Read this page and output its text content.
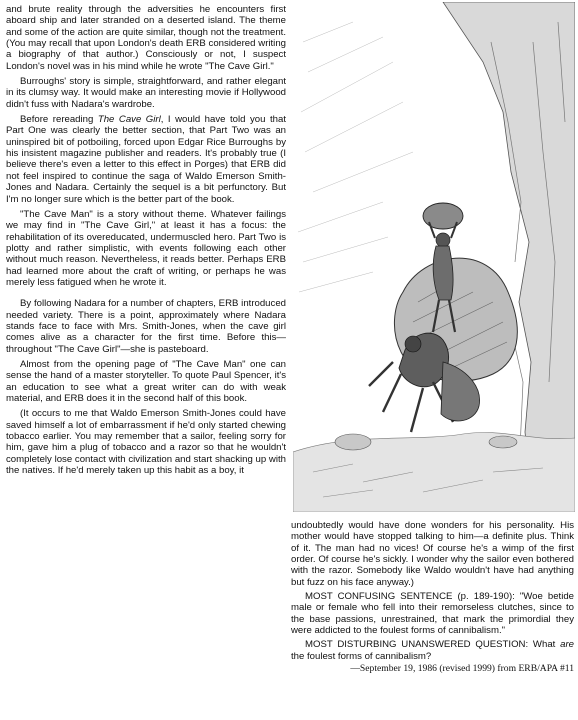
and brute reality through the adversities he encounters first aboard ship and later stranded on a deserted island. The theme and some of the action are quite similar, though not the treatment. (You may recall that upon London's death ERB considered writing a biography of that author.) Consciously or not, I suspect London's novel was in his mind while he wrote "The Cave Girl."

Burroughs' story is simple, straightforward, and rather elegant in its clumsy way. It would make an interesting movie if Hollywood didn't fuss with Nadara's wardrobe.

Before rereading The Cave Girl, I would have told you that Part One was clearly the better section, that Part Two was an uninspired bit of potboiling, forced upon Edgar Rice Burroughs by his insistent magazine publisher and readers. It's probably true (I believe there's even a letter to this effect in Porges) that ERB did not feel inspired to continue the saga of Waldo Emerson Smith-Jones and Nadara. Certainly the sequel is a bit perfunctory. But I'm no longer sure which is the better part of the book.

"The Cave Man" is a story without theme. Whatever failings we may find in "The Cave Girl," at least it has a focus: the rehabilitation of its overeducated, undermuscled hero. Part Two is plotty and rather simplistic, with events following each other without much reason. Nevertheless, it reads better. Perhaps ERB had learned more about the craft of writing, or perhaps he was merely less fatigued when he wrote it.

By following Nadara for a number of chapters, ERB introduced needed variety. There is a point, approximately where Nadara stands face to face with Mrs. Smith-Jones, when the cave girl comes alive as a character for the first time. Before this—throughout "The Cave Girl"—she is pasteboard.

Almost from the opening page of "The Cave Man" one can sense the hand of a master storyteller. To quote Paul Spencer, it's an education to see what a great writer can do with weak material, and ERB does it in the second half of this book.

(It occurs to me that Waldo Emerson Smith-Jones could have saved himself a lot of embarrassment if he'd only started chewing tobacco earlier. You may remember that a sailor, feeling sorry for him, gave him a plug of tobacco and a razor so that he wouldn't completely lose contact with civilization and start shacking up with the natives. If he'd merely taken up this habit as a boy, it

undoubtedly would have done wonders for his personality. His mother would have stopped talking to him—a definite plus. Think of it. The man had no vices! Of course he's a wimp of the first order. Of course he's sickly. I wonder why the sailor even bothered with the razor. Somebody like Waldo wouldn't have had anything but fuzz on his face anyway.)

MOST CONFUSING SENTENCE (p. 189-190): "Woe betide male or female who fell into their remorseless clutches, since to the base passions, unrestrained, that mark the primordial they were addicted to the foulest forms of cannibalism."

MOST DISTURBING UNANSWERED QUESTION: What are the foulest forms of cannibalism?

—September 19, 1986 (revised 1999) from ERB/APA #11
